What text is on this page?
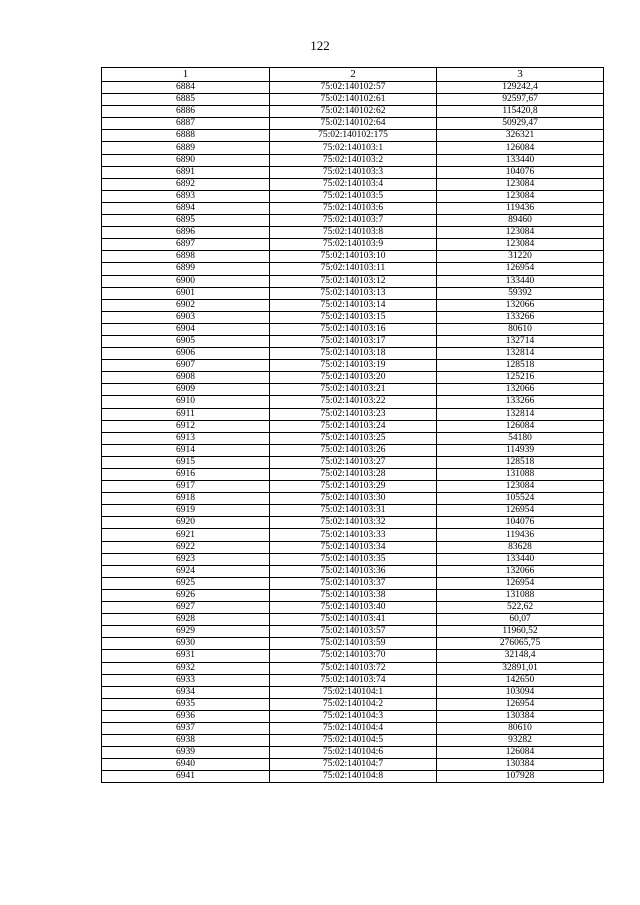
122
1	2	3
6884	75:02:140102:57	129242,4
6885	75:02:140102:61	92597,67
6886	75:02:140102:62	115420,8
6887	75:02:140102:64	50929,47
6888	75:02:140102:175	326321
6889	75:02:140103:1	126084
6890	75:02:140103:2	133440
6891	75:02:140103:3	104076
6892	75:02:140103:4	123084
6893	75:02:140103:5	123084
6894	75:02:140103:6	119436
6895	75:02:140103:7	89460
6896	75:02:140103:8	123084
6897	75:02:140103:9	123084
6898	75:02:140103:10	31220
6899	75:02:140103:11	126954
6900	75:02:140103:12	133440
6901	75:02:140103:13	59392
6902	75:02:140103:14	132066
6903	75:02:140103:15	133266
6904	75:02:140103:16	80610
6905	75:02:140103:17	132714
6906	75:02:140103:18	132814
6907	75:02:140103:19	128518
6908	75:02:140103:20	125216
6909	75:02:140103:21	132066
6910	75:02:140103:22	133266
6911	75:02:140103:23	132814
6912	75:02:140103:24	126084
6913	75:02:140103:25	54180
6914	75:02:140103:26	114939
6915	75:02:140103:27	128518
6916	75:02:140103:28	131088
6917	75:02:140103:29	123084
6918	75:02:140103:30	105524
6919	75:02:140103:31	126954
6920	75:02:140103:32	104076
6921	75:02:140103:33	119436
6922	75:02:140103:34	83628
6923	75:02:140103:35	133440
6924	75:02:140103:36	132066
6925	75:02:140103:37	126954
6926	75:02:140103:38	131088
6927	75:02:140103:40	522,62
6928	75:02:140103:41	60,07
6929	75:02:140103:57	11960,52
6930	75:02:140103:59	276065,75
6931	75:02:140103:70	32148,4
6932	75:02:140103:72	32891,01
6933	75:02:140103:74	142650
6934	75:02:140104:1	103094
6935	75:02:140104:2	126954
6936	75:02:140104:3	130384
6937	75:02:140104:4	80610
6938	75:02:140104:5	93282
6939	75:02:140104:6	126084
6940	75:02:140104:7	130384
6941	75:02:140104:8	107928
